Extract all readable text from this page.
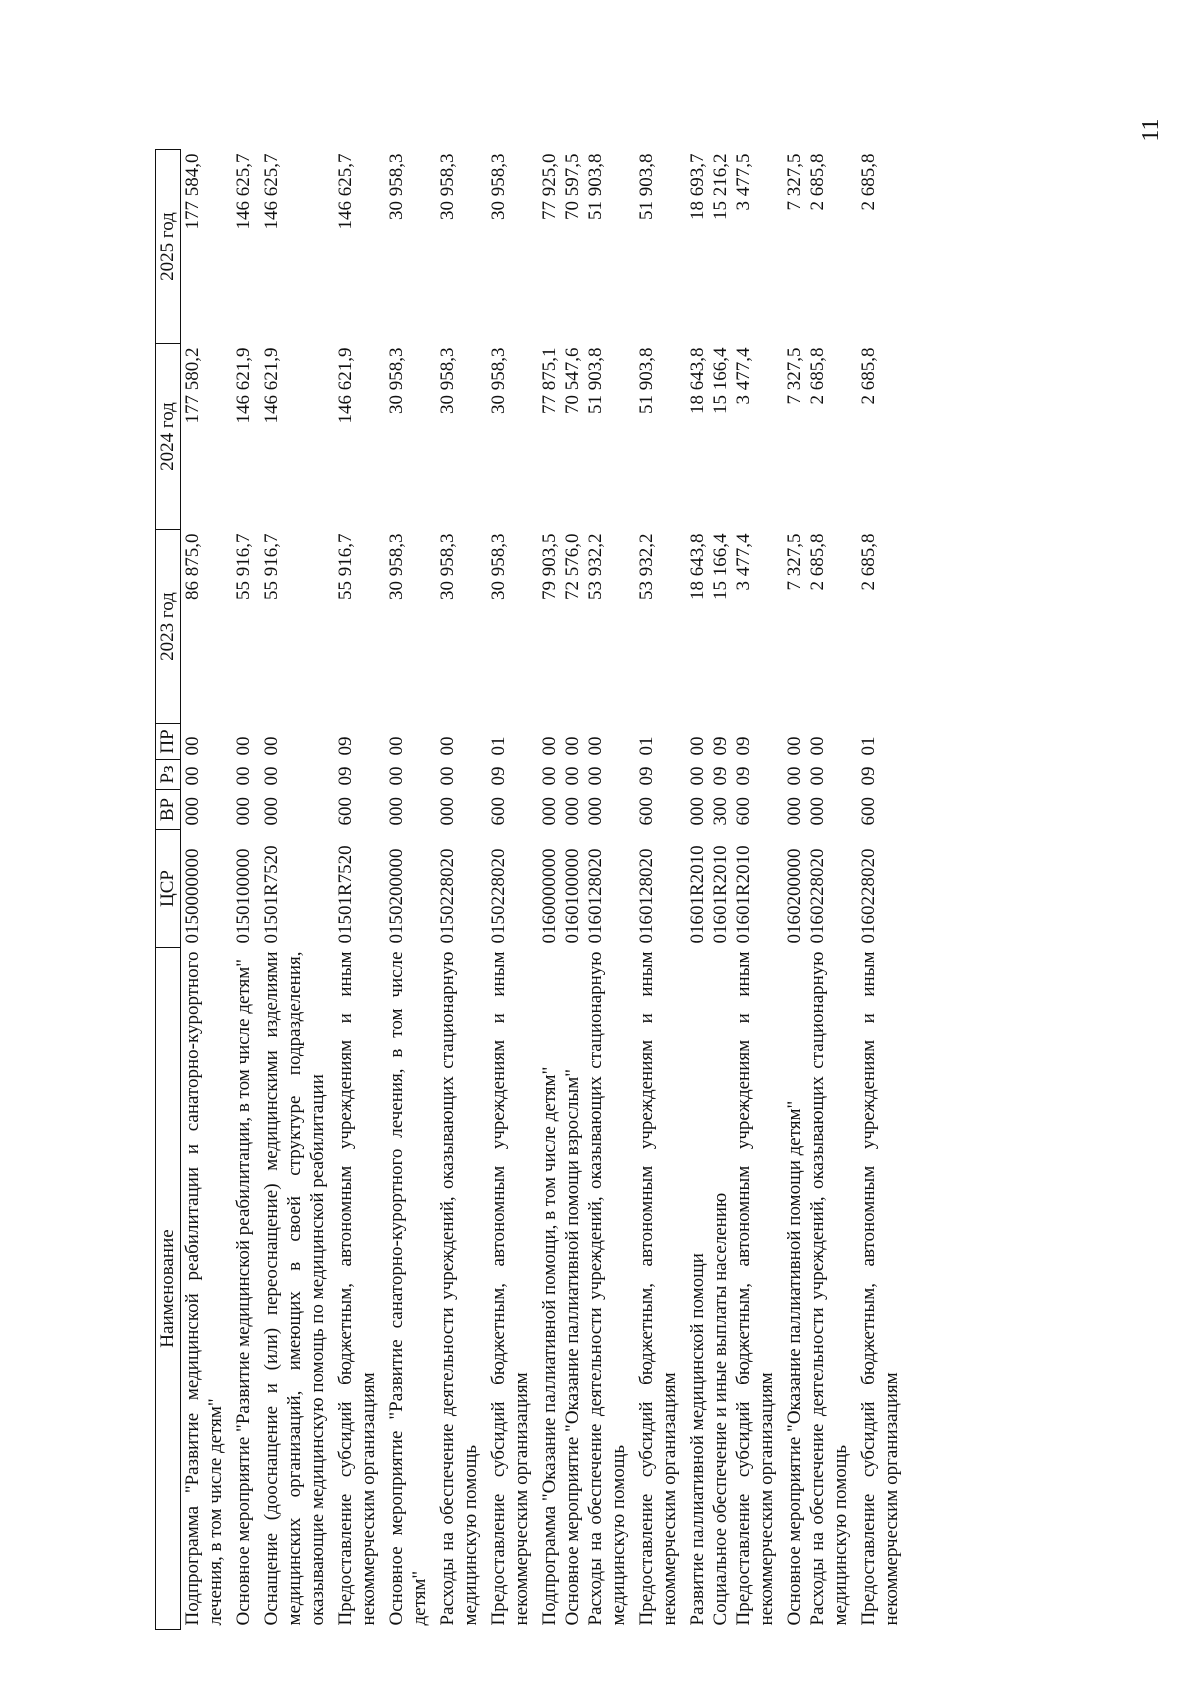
11
Наименование	ЦСР	ВР	Рз	ПР	2023 год	2024 год	2025 год
Подпрограмма "Развитие медицинской реабилитации и санаторно-курортного лечения, в том числе детям"	0150000000	000	00	00	86 875,0	177 580,2	177 584,0
Основное мероприятие "Развитие медицинской реабилитации, в том числе детям"	0150100000	000	00	00	55 916,7	146 621,9	146 625,7
Оснащение (дооснащение и (или) переоснащение) медицинскими изделиями медицинских организаций, имеющих в своей структуре подразделения, оказывающие медицинскую помощь по медицинской реабилитации	01501R7520	000	00	00	55 916,7	146 621,9	146 625,7
Предоставление субсидий бюджетным, автономным учреждениям и иным некоммерческим организациям	01501R7520	600	09	09	55 916,7	146 621,9	146 625,7
Основное мероприятие "Развитие санаторно-курортного лечения, в том числе детям"	0150200000	000	00	00	30 958,3	30 958,3	30 958,3
Расходы на обеспечение деятельности учреждений, оказывающих стационарную медицинскую помощь	0150228020	000	00	00	30 958,3	30 958,3	30 958,3
Предоставление субсидий бюджетным, автономным учреждениям и иным некоммерческим организациям	0150228020	600	09	01	30 958,3	30 958,3	30 958,3
Подпрограмма "Оказание паллиативной помощи, в том числе детям"	0160000000	000	00	00	79 903,5	77 875,1	77 925,0
Основное мероприятие "Оказание паллиативной помощи взрослым"	0160100000	000	00	00	72 576,0	70 547,6	70 597,5
Расходы на обеспечение деятельности учреждений, оказывающих стационарную медицинскую помощь	0160128020	000	00	00	53 932,2	51 903,8	51 903,8
Предоставление субсидий бюджетным, автономным учреждениям и иным некоммерческим организациям	0160128020	600	09	01	53 932,2	51 903,8	51 903,8
Развитие паллиативной медицинской помощи	01601R2010	000	00	00	18 643,8	18 643,8	18 693,7
Социальное обеспечение и иные выплаты населению	01601R2010	300	09	09	15 166,4	15 166,4	15 216,2
Предоставление субсидий бюджетным, автономным учреждениям и иным некоммерческим организациям	01601R2010	600	09	09	3 477,4	3 477,4	3 477,5
Основное мероприятие "Оказание паллиативной помощи детям"	0160200000	000	00	00	7 327,5	7 327,5	7 327,5
Расходы на обеспечение деятельности учреждений, оказывающих стационарную медицинскую помощь	0160228020	000	00	00	2 685,8	2 685,8	2 685,8
Предоставление субсидий бюджетным, автономным учреждениям и иным некоммерческим организациям	0160228020	600	09	01	2 685,8	2 685,8	2 685,8
